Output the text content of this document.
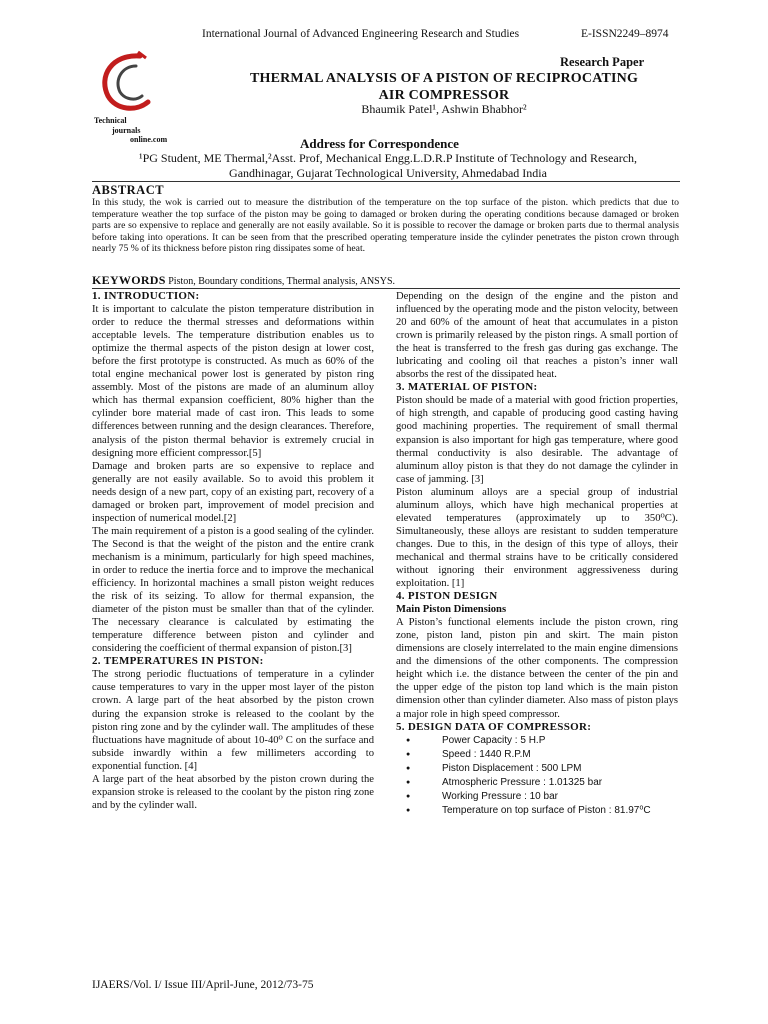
International Journal of Advanced Engineering Research and Studies	E-ISSN2249–8974
Research Paper
Technical
journals
online.com
THERMAL ANALYSIS OF A PISTON OF RECIPROCATING
AIR COMPRESSOR
Bhaumik Patel¹, Ashwin Bhabhor²
Address for Correspondence
¹PG Student, ME Thermal,²Asst. Prof, Mechanical Engg.L.D.R.P Institute of Technology and Research,
Gandhinagar, Gujarat Technological University, Ahmedabad India
ABSTRACT
In this study, the wok is carried out to measure the distribution of the temperature on the top surface of the piston. which predicts that due to temperature weather the top surface of the piston may be going to damaged or broken during the operating conditions because damaged or broken parts are so expensive to replace and generally are not easily available. So it is possible to recover the damage or broken parts due to thermal analysis before taking into operations. It can be seen from that the prescribed operating temperature inside the cylinder penetrates the piston crown through nearly 75 % of its thickness before piston ring dissipates some of heat.
KEYWORDS Piston, Boundary conditions, Thermal analysis, ANSYS.
1. INTRODUCTION:

It is important to calculate the piston temperature distribution in order to reduce the thermal stresses and deformations within acceptable levels. The temperature distribution enables us to optimize the thermal aspects of the piston design at lower cost, before the first prototype is constructed. As much as 60% of the total engine mechanical power lost is generated by piston ring assembly. Most of the pistons are made of an aluminum alloy which has thermal expansion coefficient, 80% higher than the cylinder bore material made of cast iron. This leads to some differences between running and the design clearances. Therefore, analysis of the piston thermal behavior is extremely crucial in designing more efficient compressor.[5]

Damage and broken parts are so expensive to replace and generally are not easily available. So to avoid this problem it needs design of a new part, copy of an existing part, recovery of a damaged or broken part, improvement of model precision and inspection of numerical model.[2]

The main requirement of a piston is a good sealing of the cylinder. The Second is that the weight of the piston and the entire crank mechanism is a minimum, particularly for high speed machines, in order to reduce the inertia force and to improve the mechanical efficiency. In horizontal machines a small piston weight reduces the risk of its seizing. To allow for thermal expansion, the diameter of the piston must be smaller than that of the cylinder. The necessary clearance is calculated by estimating the temperature difference between piston and cylinder and considering the coefficient of thermal expansion of piston.[3]

2. TEMPERATURES IN PISTON:

The strong periodic fluctuations of temperature in a cylinder cause temperatures to vary in the upper most layer of the piston crown. A large part of the heat absorbed by the piston crown during the expansion stroke is released to the coolant by the piston ring zone and by the cylinder wall. The amplitudes of these fluctuations have magnitude of about 10-40⁰ C on the surface and subside inwardly within a few millimeters according to exponential function. [4]

A large part of the heat absorbed by the piston crown during the expansion stroke is released to the coolant by the piston ring zone and by the cylinder wall.

Depending on the design of the engine and the piston and influenced by the operating mode and the piston velocity, between 20 and 60% of the amount of heat that accumulates in a piston crown is primarily released by the piston rings. A small portion of the heat is transferred to the fresh gas during gas exchange. The lubricating and cooling oil that reaches a piston’s inner wall absorbs the rest of the dissipated heat.

3. MATERIAL OF PISTON:

Piston should be made of a material with good friction properties, of high strength, and capable of producing good casting having good machining properties. The requirement of small thermal expansion is also important for high gas temperature, where good thermal conductivity is also desirable. The advantage of aluminum alloy piston is that they do not damage the cylinder in case of jamming. [3]

Piston aluminum alloys are a special group of industrial aluminum alloys, which have high mechanical properties at elevated temperatures (approximately up to 350⁰C). Simultaneously, these alloys are resistant to sudden temperature changes. Due to this, in the design of this type of alloys, their mechanical and thermal strains have to be critically considered without ignoring their environment aggressiveness during exploitation. [1]

4. PISTON DESIGN
Main Piston Dimensions

A Piston’s functional elements include the piston crown, ring zone, piston land, piston pin and skirt. The main piston dimensions are closely interrelated to the main engine dimensions and the dimensions of the other components. The compression height which i.e. the distance between the center of the pin and the upper edge of the piston top land which is the main piston dimension other than cylinder diameter. Also mass of piston plays a major role in high speed compressor.

5. DESIGN DATA OF COMPRESSOR:
● Power Capacity : 5 H.P
● Speed : 1440 R.P.M
● Piston Displacement : 500 LPM
● Atmospheric Pressure : 1.01325 bar
● Working Pressure : 10 bar
● Temperature on top surface of Piston : 81.97⁰C
IJAERS/Vol. I/ Issue III/April-June, 2012/73-75
